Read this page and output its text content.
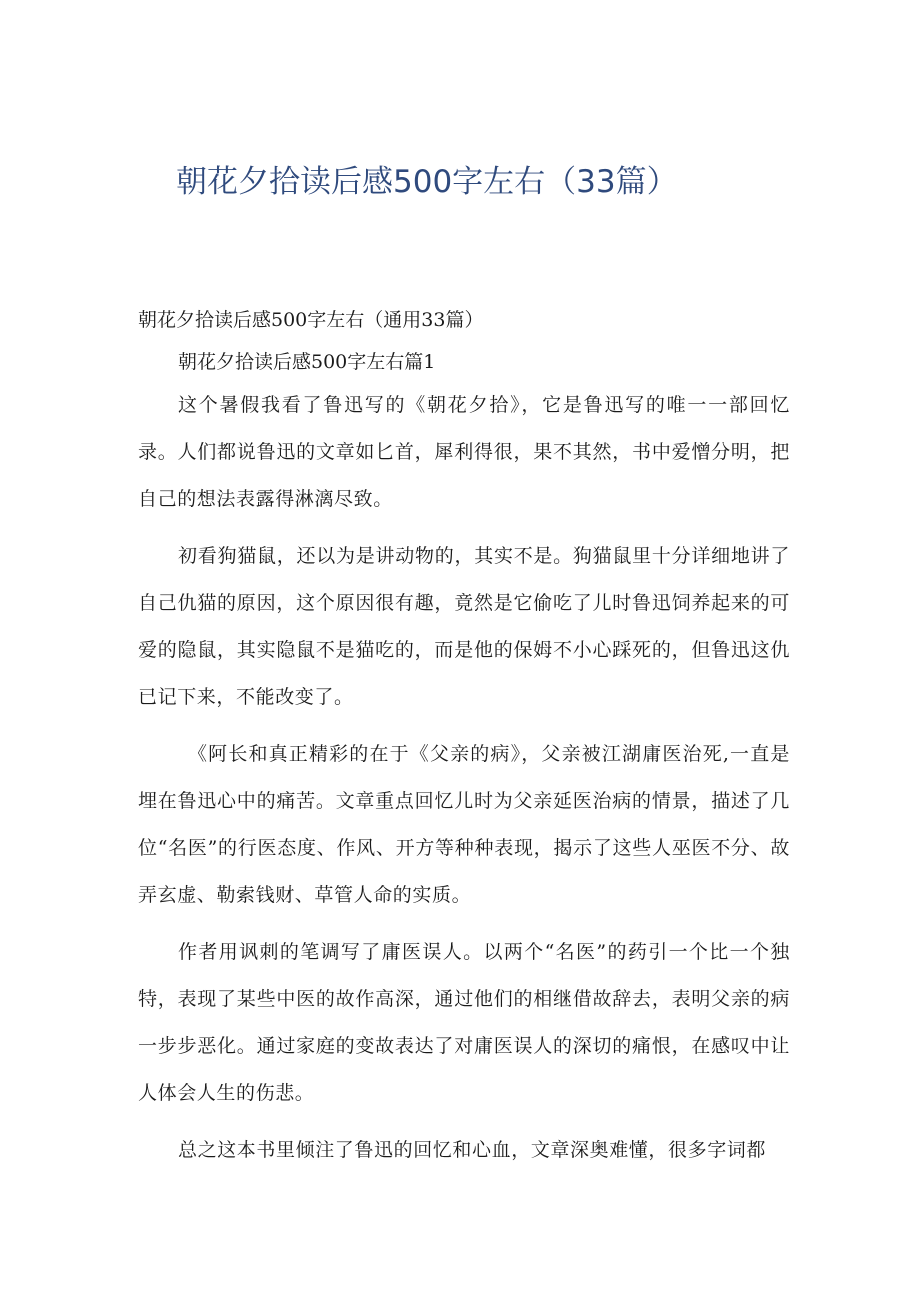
朝花夕拾读后感500字左右（33篇）

朝花夕拾读后感500字左右（通用33篇）

朝花夕拾读后感500字左右篇1

这个暑假我看了鲁迅写的《朝花夕拾》，它是鲁迅写的唯一一部回忆录。人们都说鲁迅的文章如匕首，犀利得很，果不其然，书中爱憎分明，把自己的想法表露得淋漓尽致。

初看狗猫鼠，还以为是讲动物的，其实不是。狗猫鼠里十分详细地讲了自己仇猫的原因，这个原因很有趣，竟然是它偷吃了儿时鲁迅饲养起来的可爱的隐鼠，其实隐鼠不是猫吃的，而是他的保姆不小心踩死的，但鲁迅这仇已记下来，不能改变了。

《阿长和真正精彩的在于《父亲的病》，父亲被江湖庸医治死,一直是埋在鲁迅心中的痛苦。文章重点回忆儿时为父亲延医治病的情景，描述了几位“名医”的行医态度、作风、开方等种种表现，揭示了这些人巫医不分、故弄玄虚、勒索钱财、草管人命的实质。

作者用讽刺的笔调写了庸医误人。以两个“名医”的药引一个比一个独特，表现了某些中医的故作高深，通过他们的相继借故辞去，表明父亲的病一步步恶化。通过家庭的变故表达了对庸医误人的深切的痛恨，在感叹中让人体会人生的伤悲。

总之这本书里倾注了鲁迅的回忆和心血，文章深奥难懂，很多字词都
